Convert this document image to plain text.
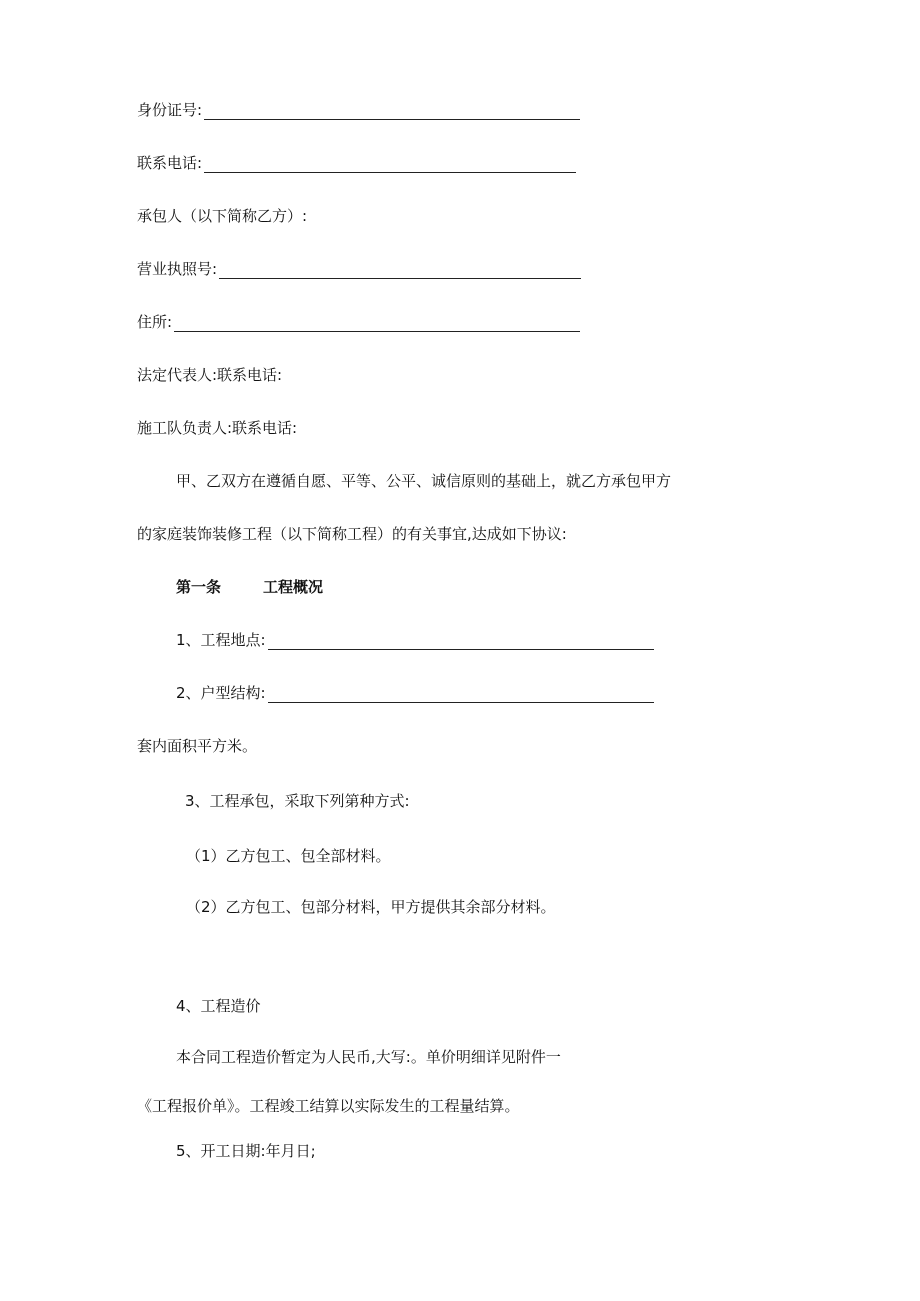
身份证号:
联系电话:
承包人（以下简称乙方）:
营业执照号:
住所:
法定代表人:联系电话:
施工队负责人:联系电话:
甲、乙双方在遵循自愿、平等、公平、诚信原则的基础上，就乙方承包甲方
的家庭装饰装修工程（以下简称工程）的有关事宜,达成如下协议:
第一条	工程概况
1、工程地点:
2、户型结构:
套内面积平方米。
3、工程承包，采取下列第种方式:
（1）乙方包工、包全部材料。
（2）乙方包工、包部分材料，甲方提供其余部分材料。
4、工程造价
本合同工程造价暂定为人民币,大写:。单价明细详见附件一
《工程报价单》。工程竣工结算以实际发生的工程量结算。
5、开工日期:年月日;
